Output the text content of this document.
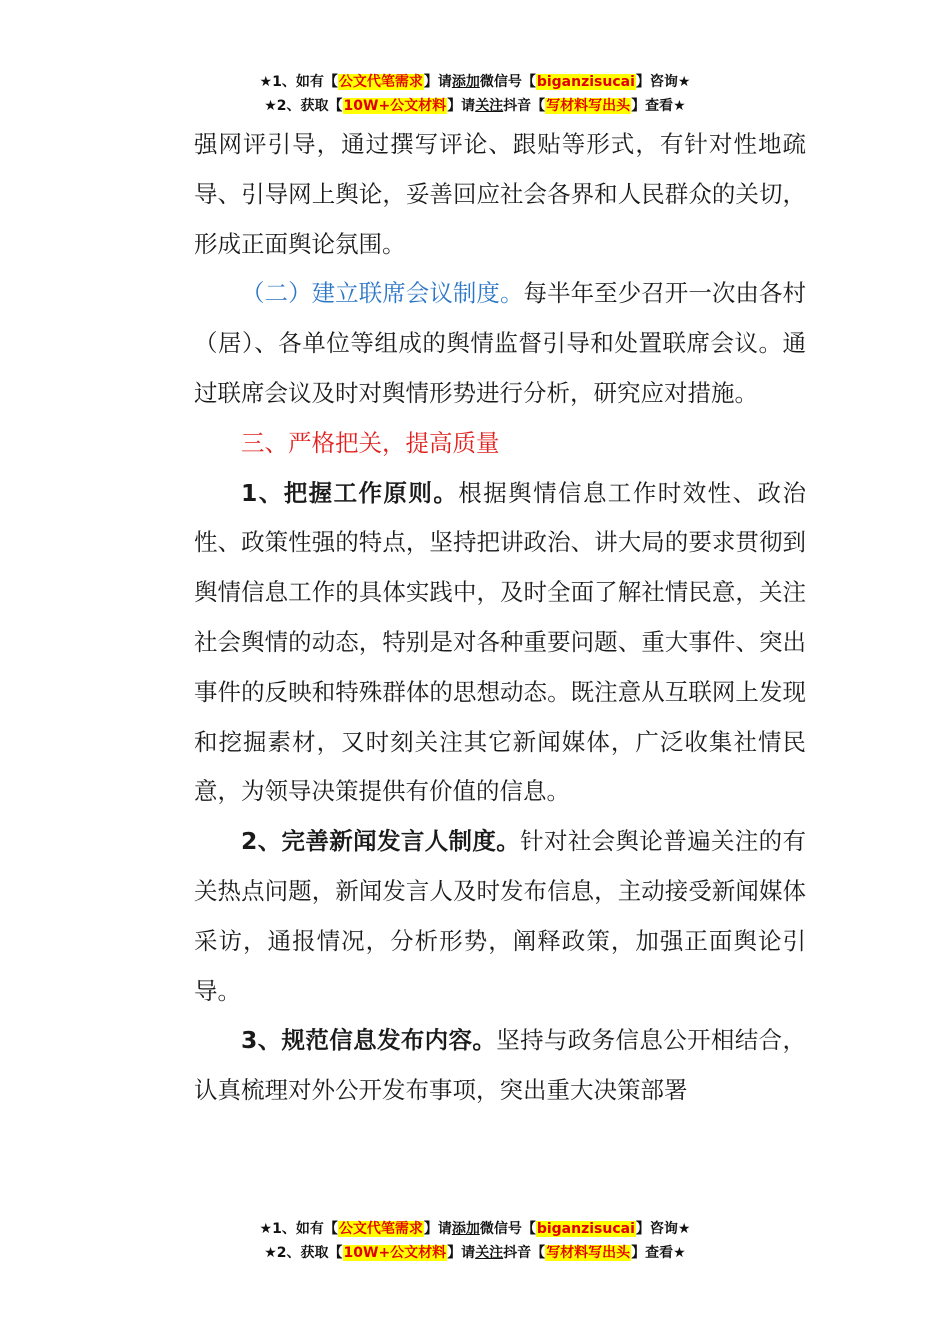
★1、如有【公文代笔需求】请添加微信号【biganzisucai】咨询★
★2、获取【10W+公文材料】请关注抖音【写材料写出头】查看★

强网评引导，通过撰写评论、跟贴等形式，有针对性地疏导、引导网上舆论，妥善回应社会各界和人民群众的关切，形成正面舆论氛围。

（二）建立联席会议制度。每半年至少召开一次由各村（居）、各单位等组成的舆情监督引导和处置联席会议。通过联席会议及时对舆情形势进行分析，研究应对措施。

三、严格把关，提高质量

1、把握工作原则。根据舆情信息工作时效性、政治性、政策性强的特点，坚持把讲政治、讲大局的要求贯彻到舆情信息工作的具体实践中，及时全面了解社情民意，关注社会舆情的动态，特别是对各种重要问题、重大事件、突出事件的反映和特殊群体的思想动态。既注意从互联网上发现和挖掘素材，又时刻关注其它新闻媒体，广泛收集社情民意，为领导决策提供有价值的信息。

2、完善新闻发言人制度。针对社会舆论普遍关注的有关热点问题，新闻发言人及时发布信息，主动接受新闻媒体采访，通报情况，分析形势，阐释政策，加强正面舆论引导。

3、规范信息发布内容。坚持与政务信息公开相结合，认真梳理对外公开发布事项，突出重大决策部署

★1、如有【公文代笔需求】请添加微信号【biganzisucai】咨询★
★2、获取【10W+公文材料】请关注抖音【写材料写出头】查看★
